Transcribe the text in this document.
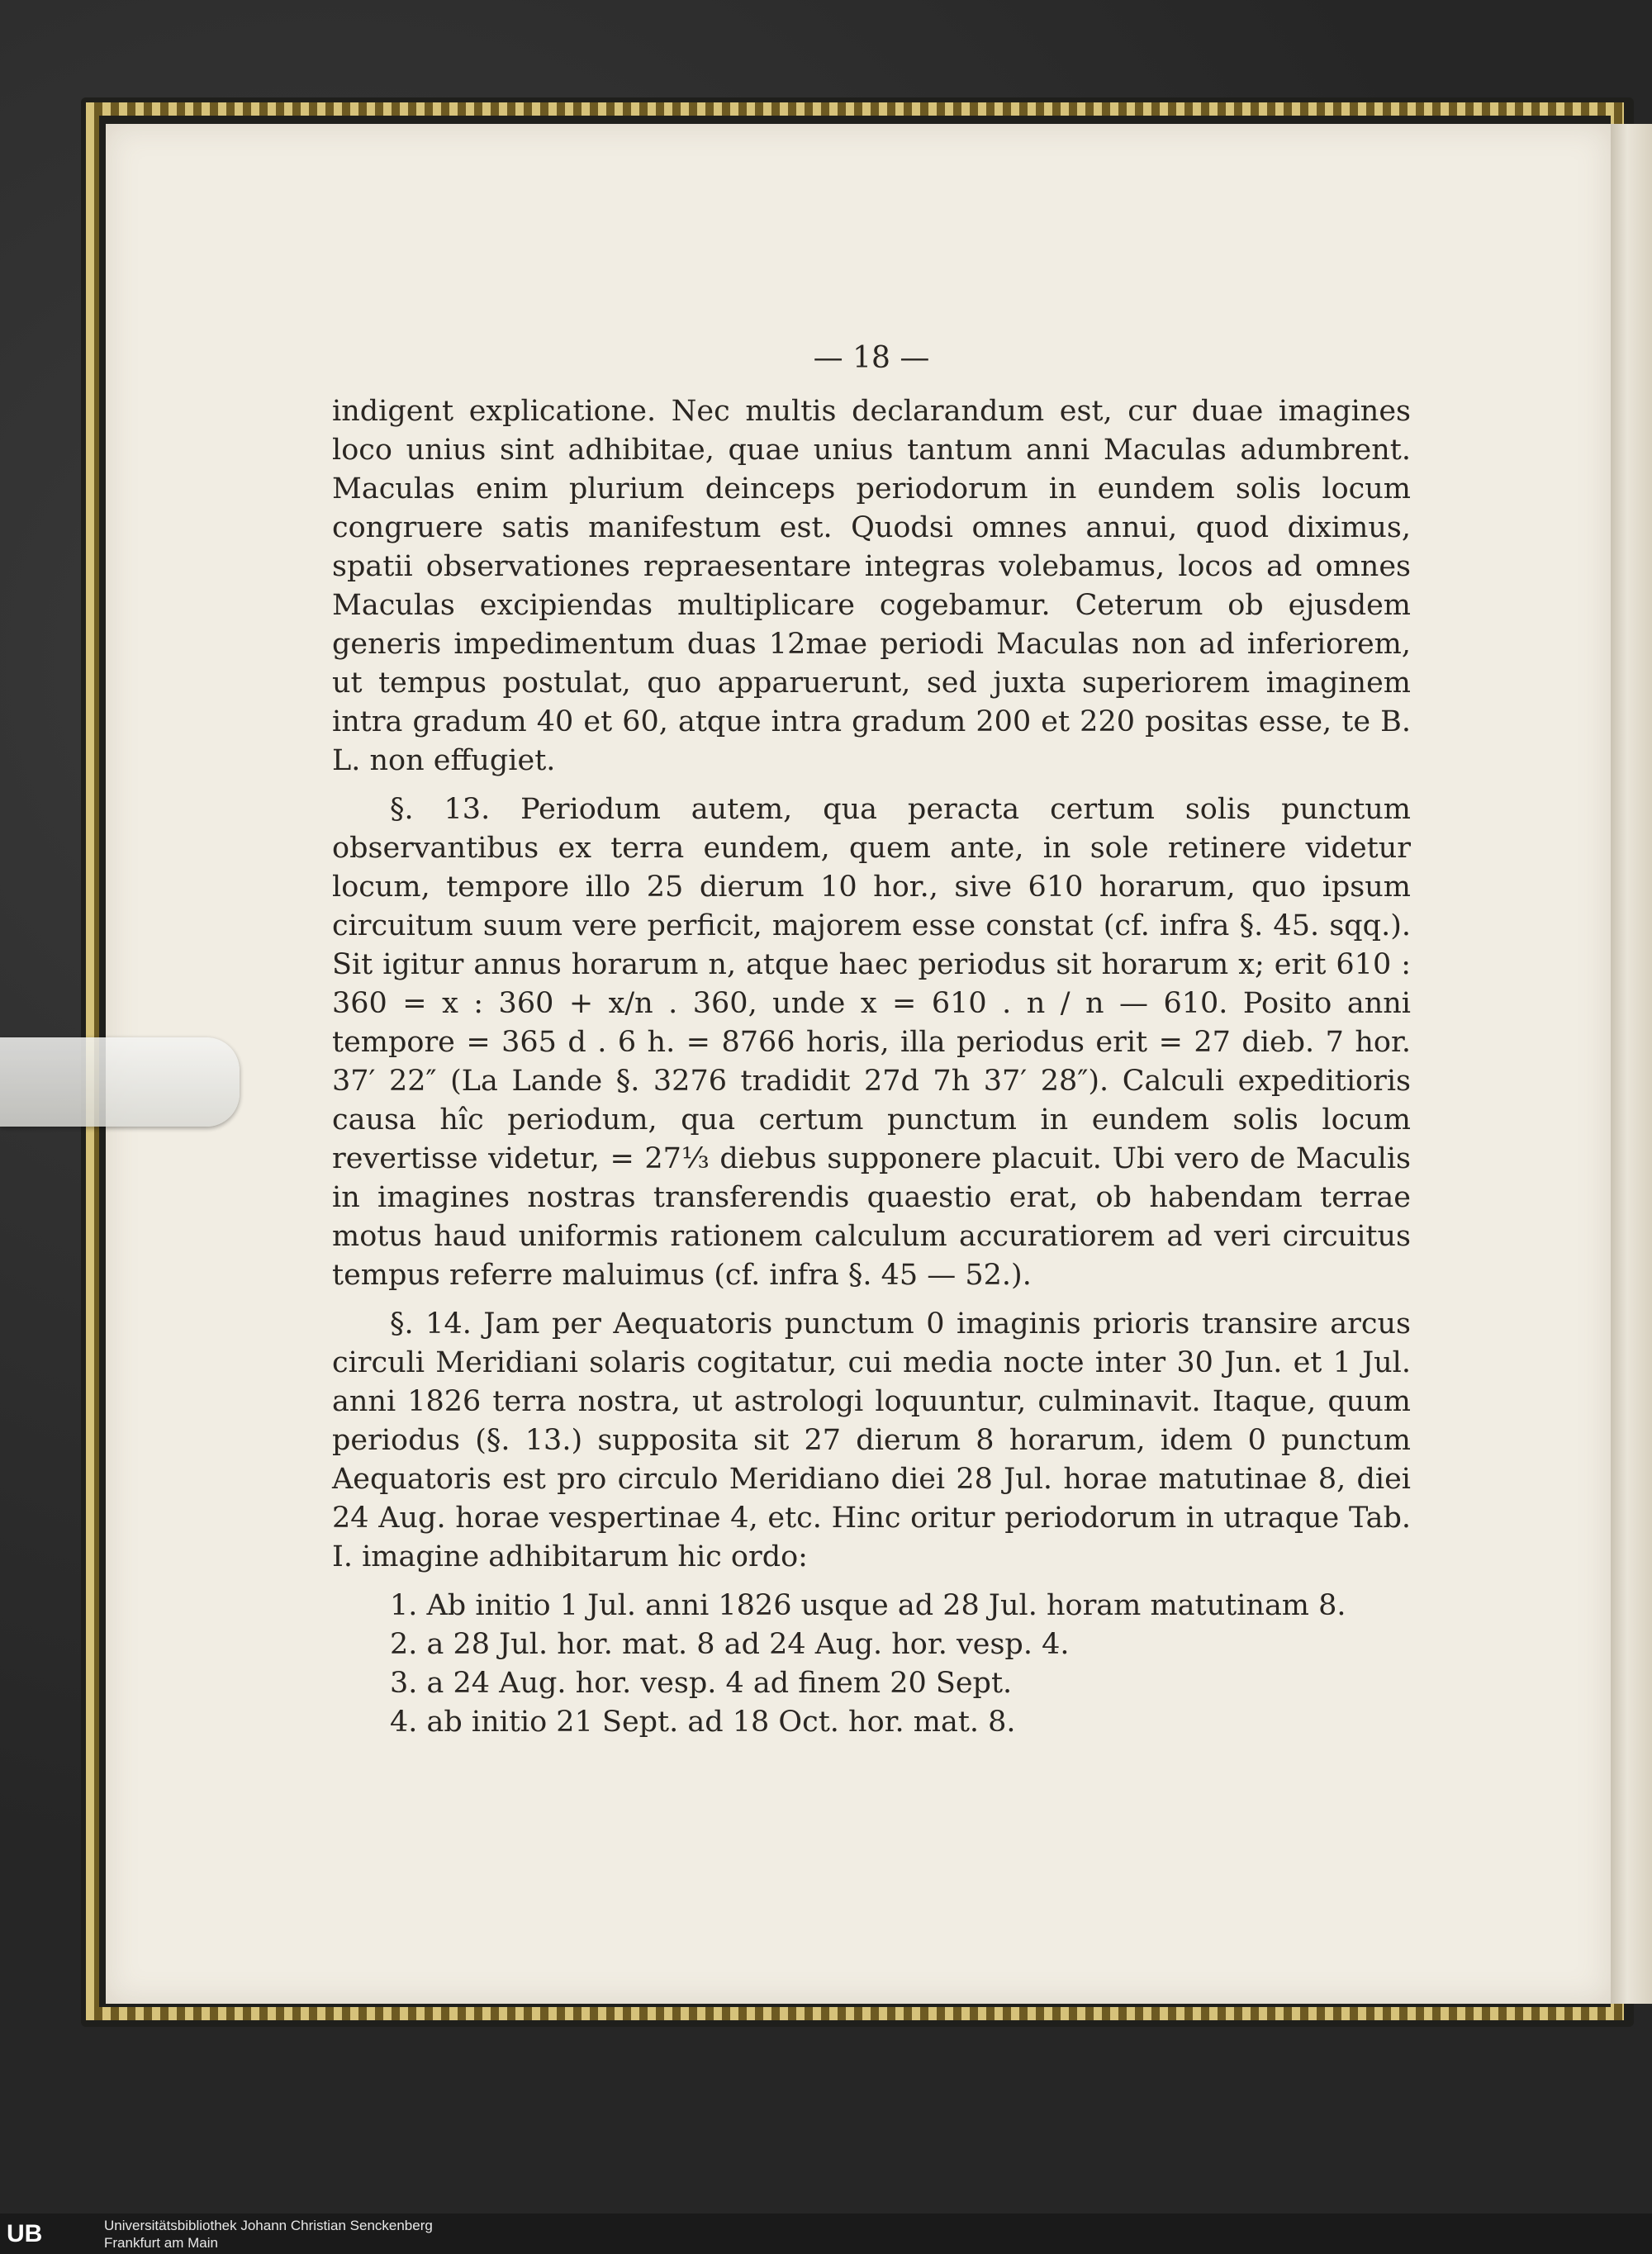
— 18 —

indigent explicatione. Nec multis declarandum est, cur duae imagines loco unius sint adhibitae, quae unius tantum anni Maculas adumbrent. Maculas enim plurium deinceps periodorum in eundem solis locum congruere satis manifestum est. Quodsi omnes annui, quod diximus, spatii observationes repraesentare integras volebamus, locos ad omnes Maculas excipiendas multiplicare cogebamur. Ceterum ob ejusdem generis impedimentum duas 12mae periodi Maculas non ad inferiorem, ut tempus postulat, quo apparuerunt, sed juxta superiorem imaginem intra gradum 40 et 60, atque intra gradum 200 et 220 positas esse, te B. L. non effugiet.

§. 13. Periodum autem, qua peracta certum solis punctum observantibus ex terra eundem, quem ante, in sole retinere videtur locum, tempore illo 25 dierum 10 hor., sive 610 horarum, quo ipsum circuitum suum vere perficit, majorem esse constat (cf. infra §. 45. sqq.). Sit igitur annus horarum n, atque haec periodus sit horarum x; erit 610 : 360 = x : 360 + x/n . 360, unde x = 610 . n / n — 610. Posito anni tempore = 365 d . 6 h. = 8766 horis, illa periodus erit = 27 dieb. 7 hor. 37′ 22″ (La Lande §. 3276 tradidit 27d 7h 37′ 28″). Calculi expeditioris causa hîc periodum, qua certum punctum in eundem solis locum revertisse videtur, = 27⅓ diebus supponere placuit. Ubi vero de Maculis in imagines nostras transferendis quaestio erat, ob habendam terrae motus haud uniformis rationem calculum accuratiorem ad veri circuitus tempus referre maluimus (cf. infra §. 45 — 52.).

§. 14. Jam per Aequatoris punctum 0 imaginis prioris transire arcus circuli Meridiani solaris cogitatur, cui media nocte inter 30 Jun. et 1 Jul. anni 1826 terra nostra, ut astrologi loquuntur, culminavit. Itaque, quum periodus (§. 13.) supposita sit 27 dierum 8 horarum, idem 0 punctum Aequatoris est pro circulo Meridiano diei 28 Jul. horae matutinae 8, diei 24 Aug. horae vespertinae 4, etc. Hinc oritur periodorum in utraque Tab. I. imagine adhibitarum hic ordo:

1. Ab initio 1 Jul. anni 1826 usque ad 28 Jul. horam matutinam 8.
2. a 28 Jul. hor. mat. 8 ad 24 Aug. hor. vesp. 4.
3. a 24 Aug. hor. vesp. 4 ad finem 20 Sept.
4. ab initio 21 Sept. ad 18 Oct. hor. mat. 8.
UB	Universitätsbibliothek Johann Christian Senckenberg
Frankfurt am Main
